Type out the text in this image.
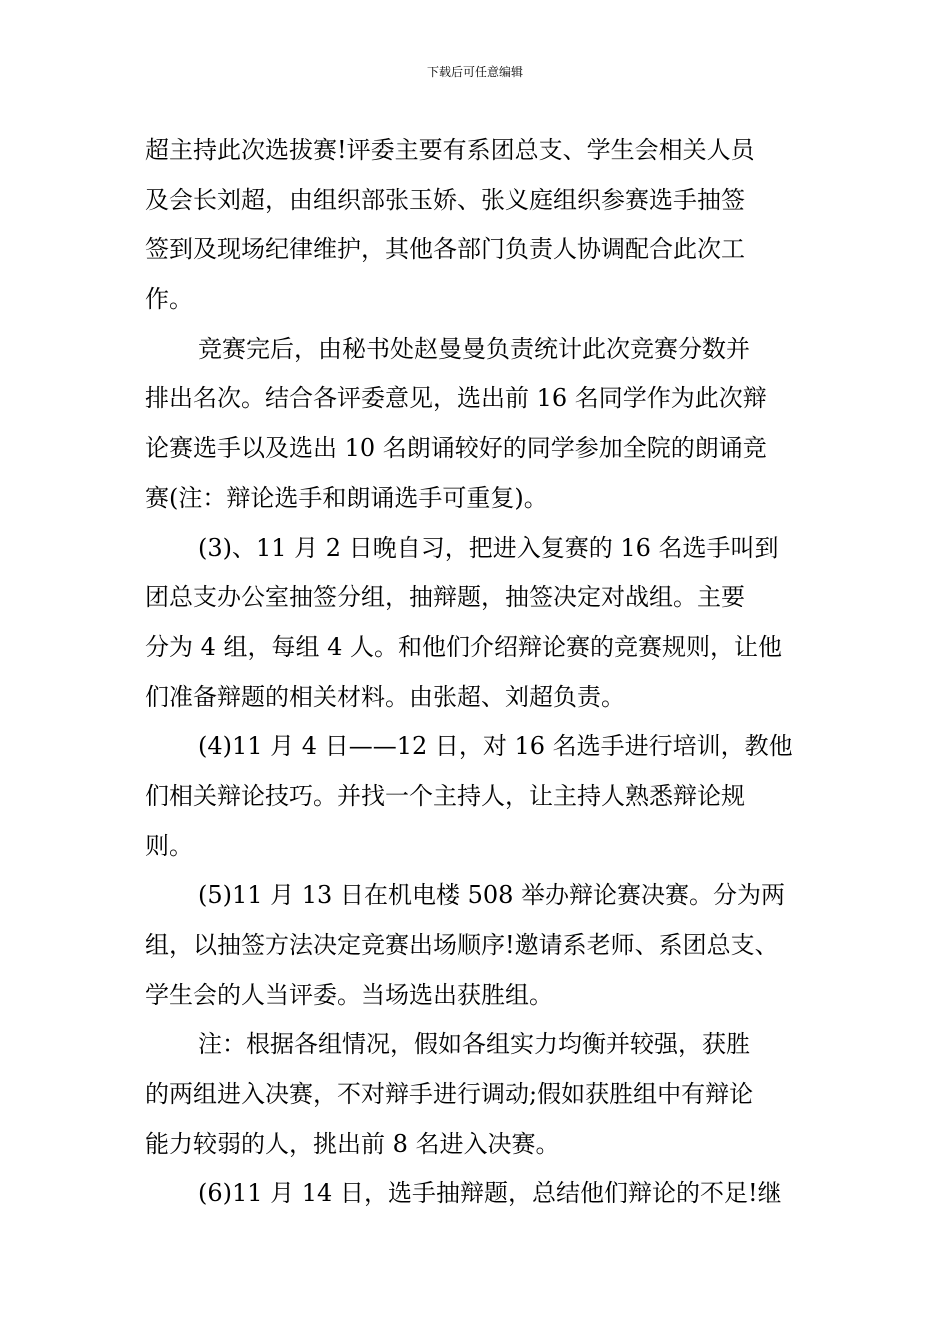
下载后可任意编辑

超主持此次选拔赛!评委主要有系团总支、学生会相关人员
及会长刘超，由组织部张玉娇、张义庭组织参赛选手抽签
签到及现场纪律维护，其他各部门负责人协调配合此次工
作。

竞赛完后，由秘书处赵曼曼负责统计此次竞赛分数并
排出名次。结合各评委意见，选出前 16 名同学作为此次辩
论赛选手以及选出 10 名朗诵较好的同学参加全院的朗诵竞
赛(注：辩论选手和朗诵选手可重复)。

(3)、11 月 2 日晚自习，把进入复赛的 16 名选手叫到
团总支办公室抽签分组，抽辩题，抽签决定对战组。主要
分为 4 组，每组 4 人。和他们介绍辩论赛的竞赛规则，让他
们准备辩题的相关材料。由张超、刘超负责。

(4)11 月 4 日——12 日，对 16 名选手进行培训，教他
们相关辩论技巧。并找一个主持人，让主持人熟悉辩论规
则。

(5)11 月 13 日在机电楼 508 举办辩论赛决赛。分为两
组，以抽签方法决定竞赛出场顺序!邀请系老师、系团总支、
学生会的人当评委。当场选出获胜组。

注：根据各组情况，假如各组实力均衡并较强，获胜
的两组进入决赛，不对辩手进行调动;假如获胜组中有辩论
能力较弱的人，挑出前 8 名进入决赛。

(6)11 月 14 日，选手抽辩题，总结他们辩论的不足!继
